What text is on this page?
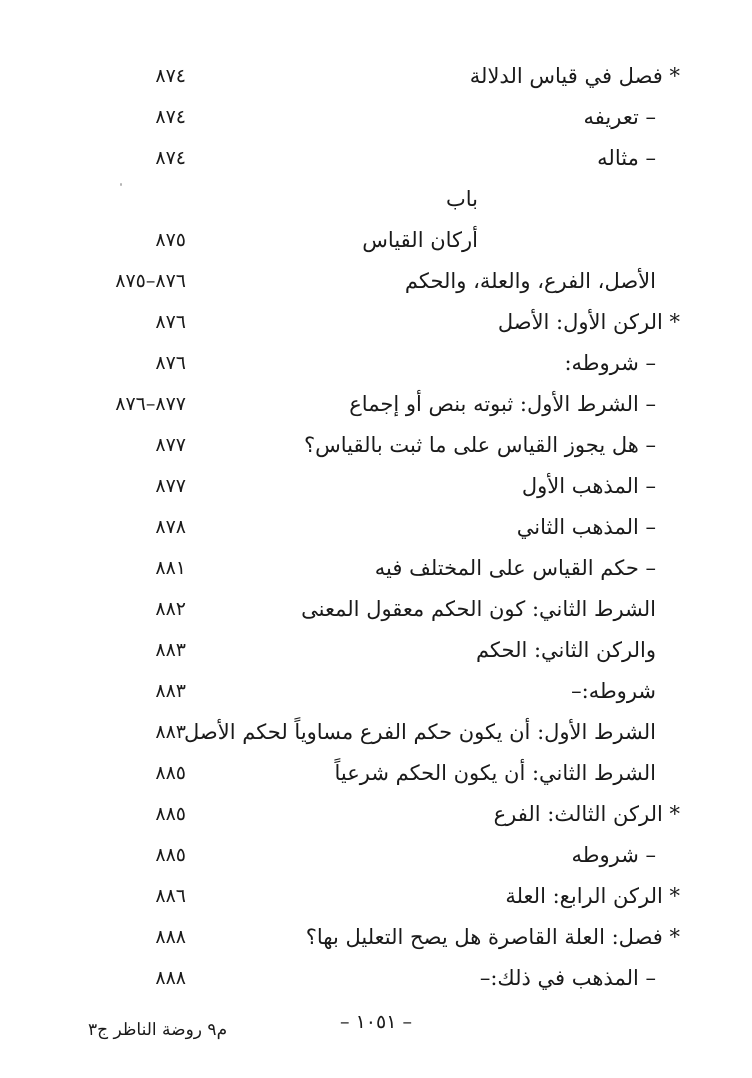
* فصل في قياس الدلالة
٨٧٤
– تعريفه
٨٧٤
– مثاله
٨٧٤
باب
أركان القياس
٨٧٥
الأصل، الفرع، والعلة، والحكم
٨٧٦–٨٧٥
* الركن الأول: الأصل
٨٧٦
– شروطه:
٨٧٦
– الشرط الأول: ثبوته بنص أو إجماع
٨٧٧–٨٧٦
– هل يجوز القياس على ما ثبت بالقياس؟
٨٧٧
– المذهب الأول
٨٧٧
– المذهب الثاني
٨٧٨
– حكم القياس على المختلف فيه
٨٨١
الشرط الثاني: كون الحكم معقول المعنى
٨٨٢
والركن الثاني: الحكم
٨٨٣
شروطه:–
٨٨٣
الشرط الأول: أن يكون حكم الفرع مساوياً لحكم الأصل
٨٨٣
الشرط الثاني: أن يكون الحكم شرعياً
٨٨٥
* الركن الثالث: الفرع
٨٨٥
– شروطه
٨٨٥
* الركن الرابع: العلة
٨٨٦
* فصل: العلة القاصرة هل يصح التعليل بها؟
٨٨٨
– المذهب في ذلك:–
٨٨٨
– ١٠٥١ –
م٩ روضة الناظر ج٣
